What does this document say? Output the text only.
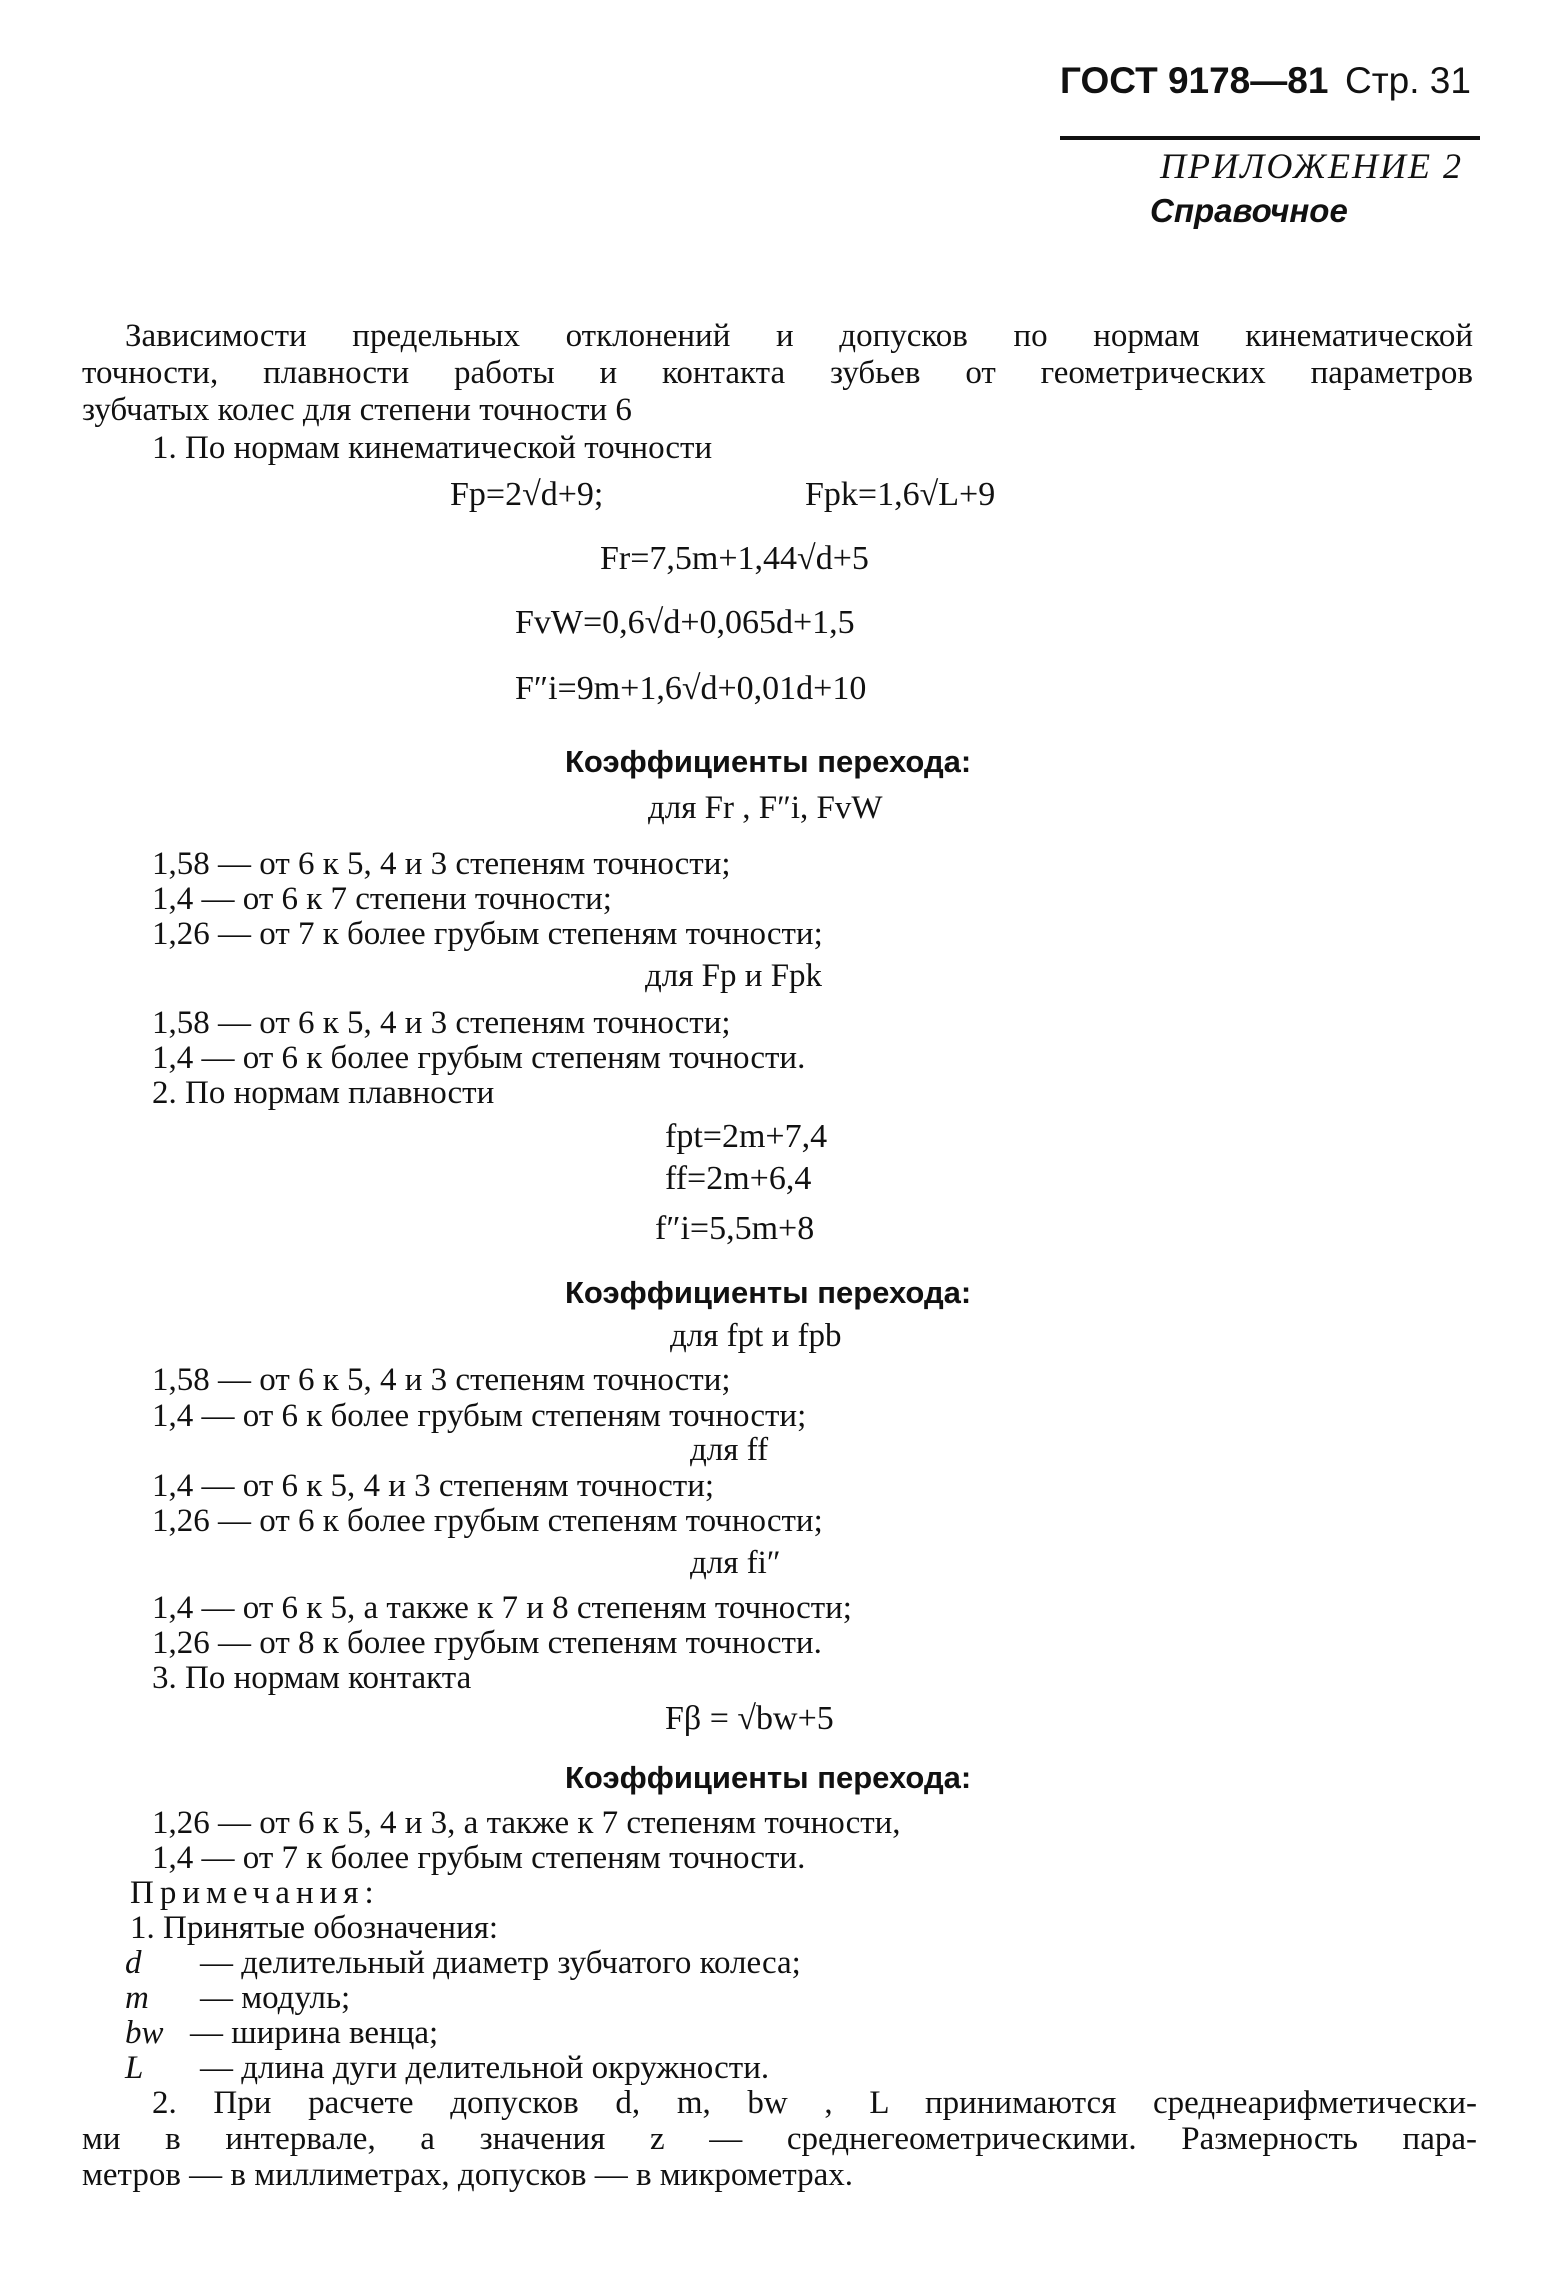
ГОСТ 9178—81 Стр. 31
ПРИЛОЖЕНИЕ 2
Справочное
Зависимости предельных отклонений и допусков по нормам кинематической
точности, плавности работы и контакта зубьев от геометрических параметров
зубчатых колес для степени точности 6
1. По нормам кинематической точности
Fp=2√d+9;	Fpk=1,6√L+9
Fr=7,5m+1,44√d+5
FvW=0,6√d+0,065d+1,5
F″i=9m+1,6√d+0,01d+10
Коэффициенты перехода:
для Fr , F″i, FvW
1,58 — от 6 к 5, 4 и 3 степеням точности;
1,4 — от 6 к 7 степени точности;
1,26 — от 7 к более грубым степеням точности;
для Fp и Fpk
1,58 — от 6 к 5, 4 и 3 степеням точности;
1,4 — от 6 к более грубым степеням точности.
2. По нормам плавности
fpt=2m+7,4
ff=2m+6,4
f″i=5,5m+8
Коэффициенты перехода:
для fpt и fpb
1,58 — от 6 к 5, 4 и 3 степеням точности;
1,4 — от 6 к более грубым степеням точности;
для ff
1,4 — от 6 к 5, 4 и 3 степеням точности;
1,26 — от 6 к более грубым степеням точности;
для fi″
1,4 — от 6 к 5, а также к 7 и 8 степеням точности;
1,26 — от 8 к более грубым степеням точности.
3. По нормам контакта
Fβ = √bw+5
Коэффициенты перехода:
1,26 — от 6 к 5, 4 и 3, а также к 7 степеням точности,
1,4 — от 7 к более грубым степеням точности.
Примечания:
1. Принятые обозначения:
d — делительный диаметр зубчатого колеса;
m — модуль;
bw — ширина венца;
L — длина дуги делительной окружности.
2. При расчете допусков d, m, bw , L принимаются среднеарифметически-
ми в интервале, а значения z — среднегеометрическими. Размерность пара-
метров — в миллиметрах, допусков — в микрометрах.
